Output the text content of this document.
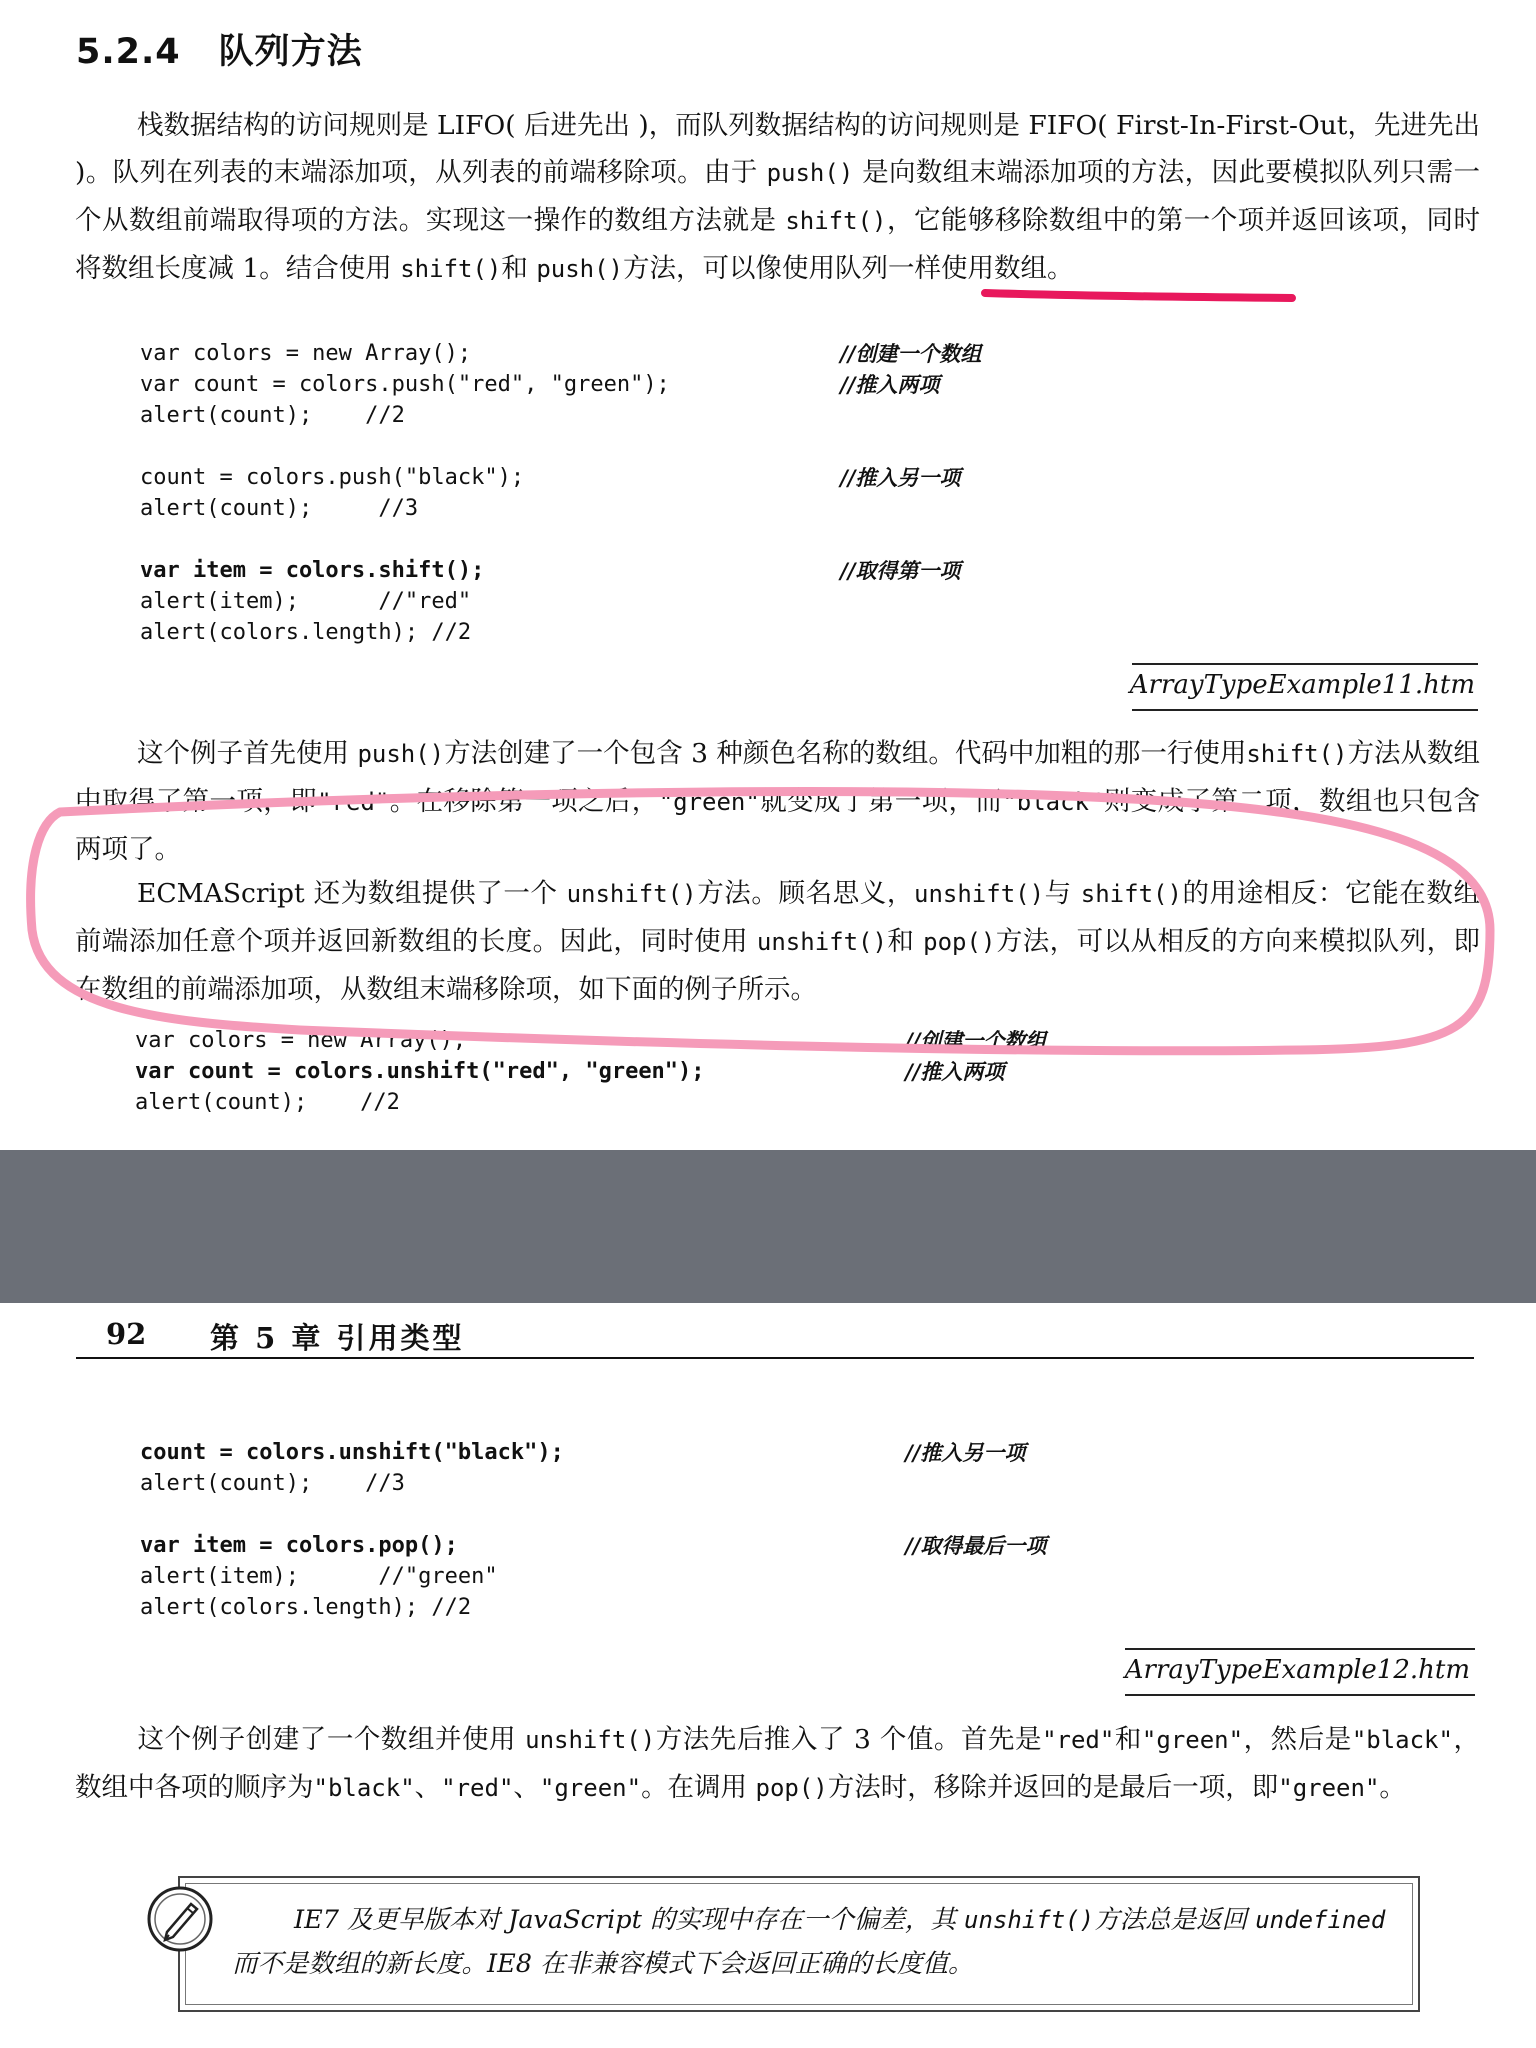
5.2.4 队列方法
栈数据结构的访问规则是 LIFO( 后进先出 )，而队列数据结构的访问规则是 FIFO( First-In-First-Out，先进先出 )。队列在列表的末端添加项，从列表的前端移除项。由于 push() 是向数组末端添加项的方法，因此要模拟队列只需一个从数组前端取得项的方法。实现这一操作的数组方法就是 shift()，它能够移除数组中的第一个项并返回该项，同时将数组长度减 1。结合使用 shift()和 push()方法，可以像使用队列一样使用数组。
var colors = new Array();	//创建一个数组
var count = colors.push("red", "green");	//推入两项
alert(count);    //2
count = colors.push("black");	//推入另一项
alert(count);     //3
var item = colors.shift();	//取得第一项
alert(item);      //"red"
alert(colors.length); //2
ArrayTypeExample11.htm
这个例子首先使用 push()方法创建了一个包含 3 种颜色名称的数组。代码中加粗的那一行使用shift()方法从数组中取得了第一项，即"red"。在移除第一项之后，"green"就变成了第一项，而"black"则变成了第二项，数组也只包含两项了。
ECMAScript 还为数组提供了一个 unshift()方法。顾名思义，unshift()与 shift()的用途相反：它能在数组前端添加任意个项并返回新数组的长度。因此，同时使用 unshift()和 pop()方法，可以从相反的方向来模拟队列，即在数组的前端添加项，从数组末端移除项，如下面的例子所示。
var colors = new Array();	//创建一个数组
var count = colors.unshift("red", "green");	//推入两项
alert(count);    //2
92 第 5 章 引用类型
count = colors.unshift("black");	//推入另一项
alert(count);    //3
var item = colors.pop();	//取得最后一项
alert(item);      //"green"
alert(colors.length); //2
ArrayTypeExample12.htm
这个例子创建了一个数组并使用 unshift()方法先后推入了 3 个值。首先是"red"和"green"，然后是"black"，数组中各项的顺序为"black"、"red"、"green"。在调用 pop()方法时，移除并返回的是最后一项，即"green"。
IE7 及更早版本对 JavaScript 的实现中存在一个偏差，其 unshift()方法总是返回 undefined而不是数组的新长度。IE8 在非兼容模式下会返回正确的长度值。
